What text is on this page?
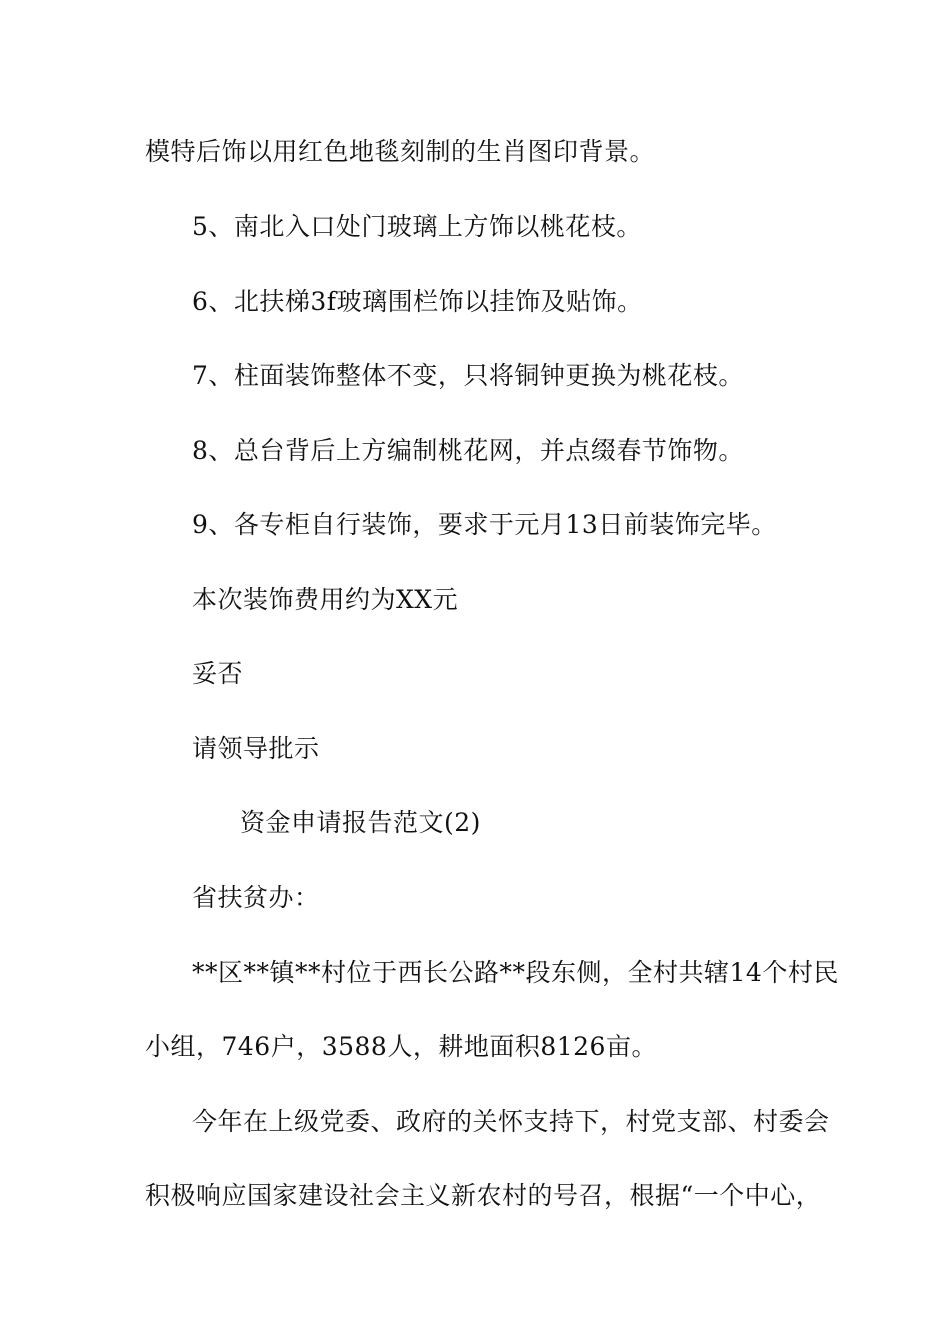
模特后饰以用红色地毯刻制的生肖图印背景。
5、南北入口处门玻璃上方饰以桃花枝。
6、北扶梯3f玻璃围栏饰以挂饰及贴饰。
7、柱面装饰整体不变，只将铜钟更换为桃花枝。
8、总台背后上方编制桃花网，并点缀春节饰物。
9、各专柜自行装饰，要求于元月13日前装饰完毕。
本次装饰费用约为XX元
妥否
请领导批示
资金申请报告范文(2)
省扶贫办：
**区**镇**村位于西长公路**段东侧，全村共辖14个村民
小组，746户，3588人，耕地面积8126亩。
今年在上级党委、政府的关怀支持下，村党支部、村委会
积极响应国家建设社会主义新农村的号召，根据“一个中心，
